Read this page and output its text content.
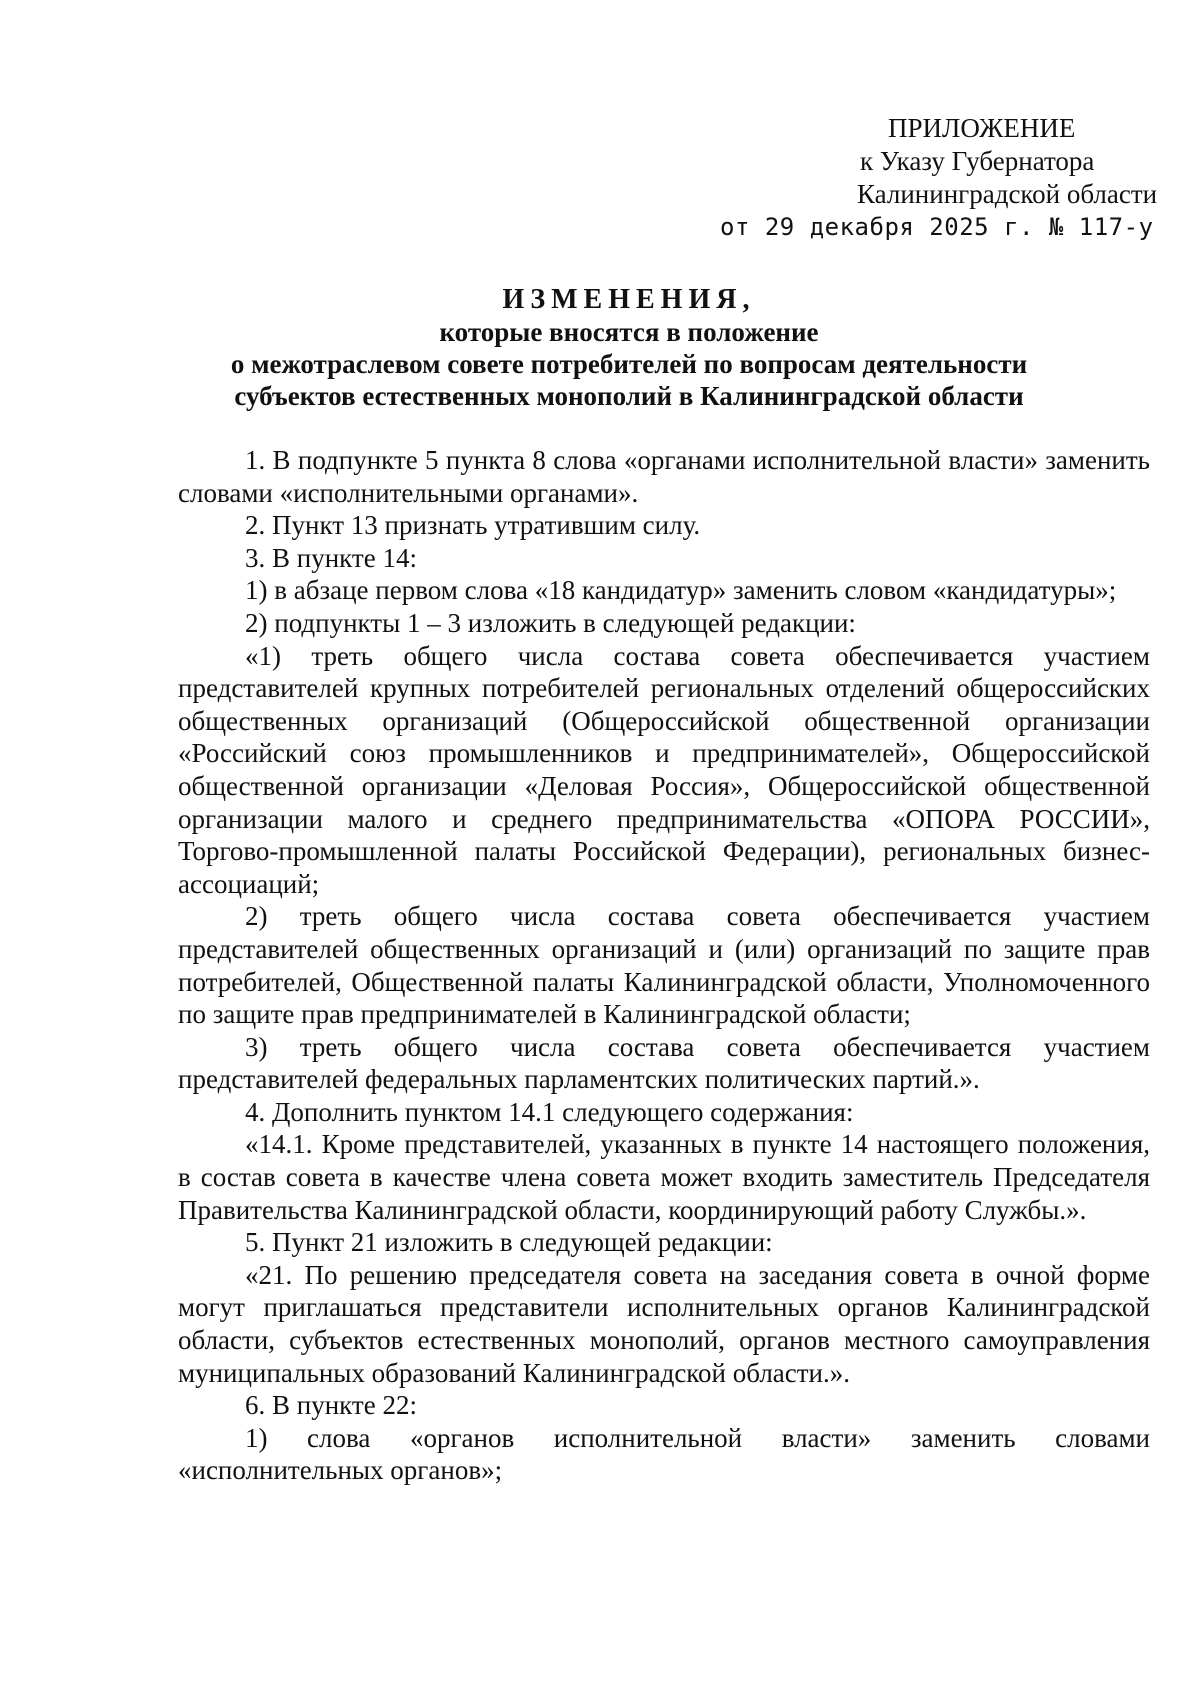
ПРИЛОЖЕНИЕ
к Указу Губернатора
Калининградской области
от 29 декабря 2025 г. № 117-у
ИЗМЕНЕНИЯ,
которые вносятся в положение
о межотраслевом совете потребителей по вопросам деятельности
субъектов естественных монополий в Калининградской области

1. В подпункте 5 пункта 8 слова «органами исполнительной власти» заменить словами «исполнительными органами».

2. Пункт 13 признать утратившим силу.

3. В пункте 14:

1) в абзаце первом слова «18 кандидатур» заменить словом «кандидатуры»;

2) подпункты 1 – 3 изложить в следующей редакции:

«1) треть общего числа состава совета обеспечивается участием представителей крупных потребителей региональных отделений общероссийских общественных организаций (Общероссийской общественной организации «Российский союз промышленников и предпринимателей», Общероссийской общественной организации «Деловая Россия», Общероссийской общественной организации малого и среднего предпринимательства «ОПОРА РОССИИ», Торгово-промышленной палаты Российской Федерации), региональных бизнес-ассоциаций;

2) треть общего числа состава совета обеспечивается участием представителей общественных организаций и (или) организаций по защите прав потребителей, Общественной палаты Калининградской области, Уполномоченного по защите прав предпринимателей в Калининградской области;

3) треть общего числа состава совета обеспечивается участием представителей федеральных парламентских политических партий.».

4. Дополнить пунктом 14.1 следующего содержания:

«14.1. Кроме представителей, указанных в пункте 14 настоящего положения, в состав совета в качестве члена совета может входить заместитель Председателя Правительства Калининградской области, координирующий работу Службы.».

5. Пункт 21 изложить в следующей редакции:

«21. По решению председателя совета на заседания совета в очной форме могут приглашаться представители исполнительных органов Калининградской области, субъектов естественных монополий, органов местного самоуправления муниципальных образований Калининградской области.».

6. В пункте 22:

1) слова «органов исполнительной власти» заменить словами «исполнительных органов»;
